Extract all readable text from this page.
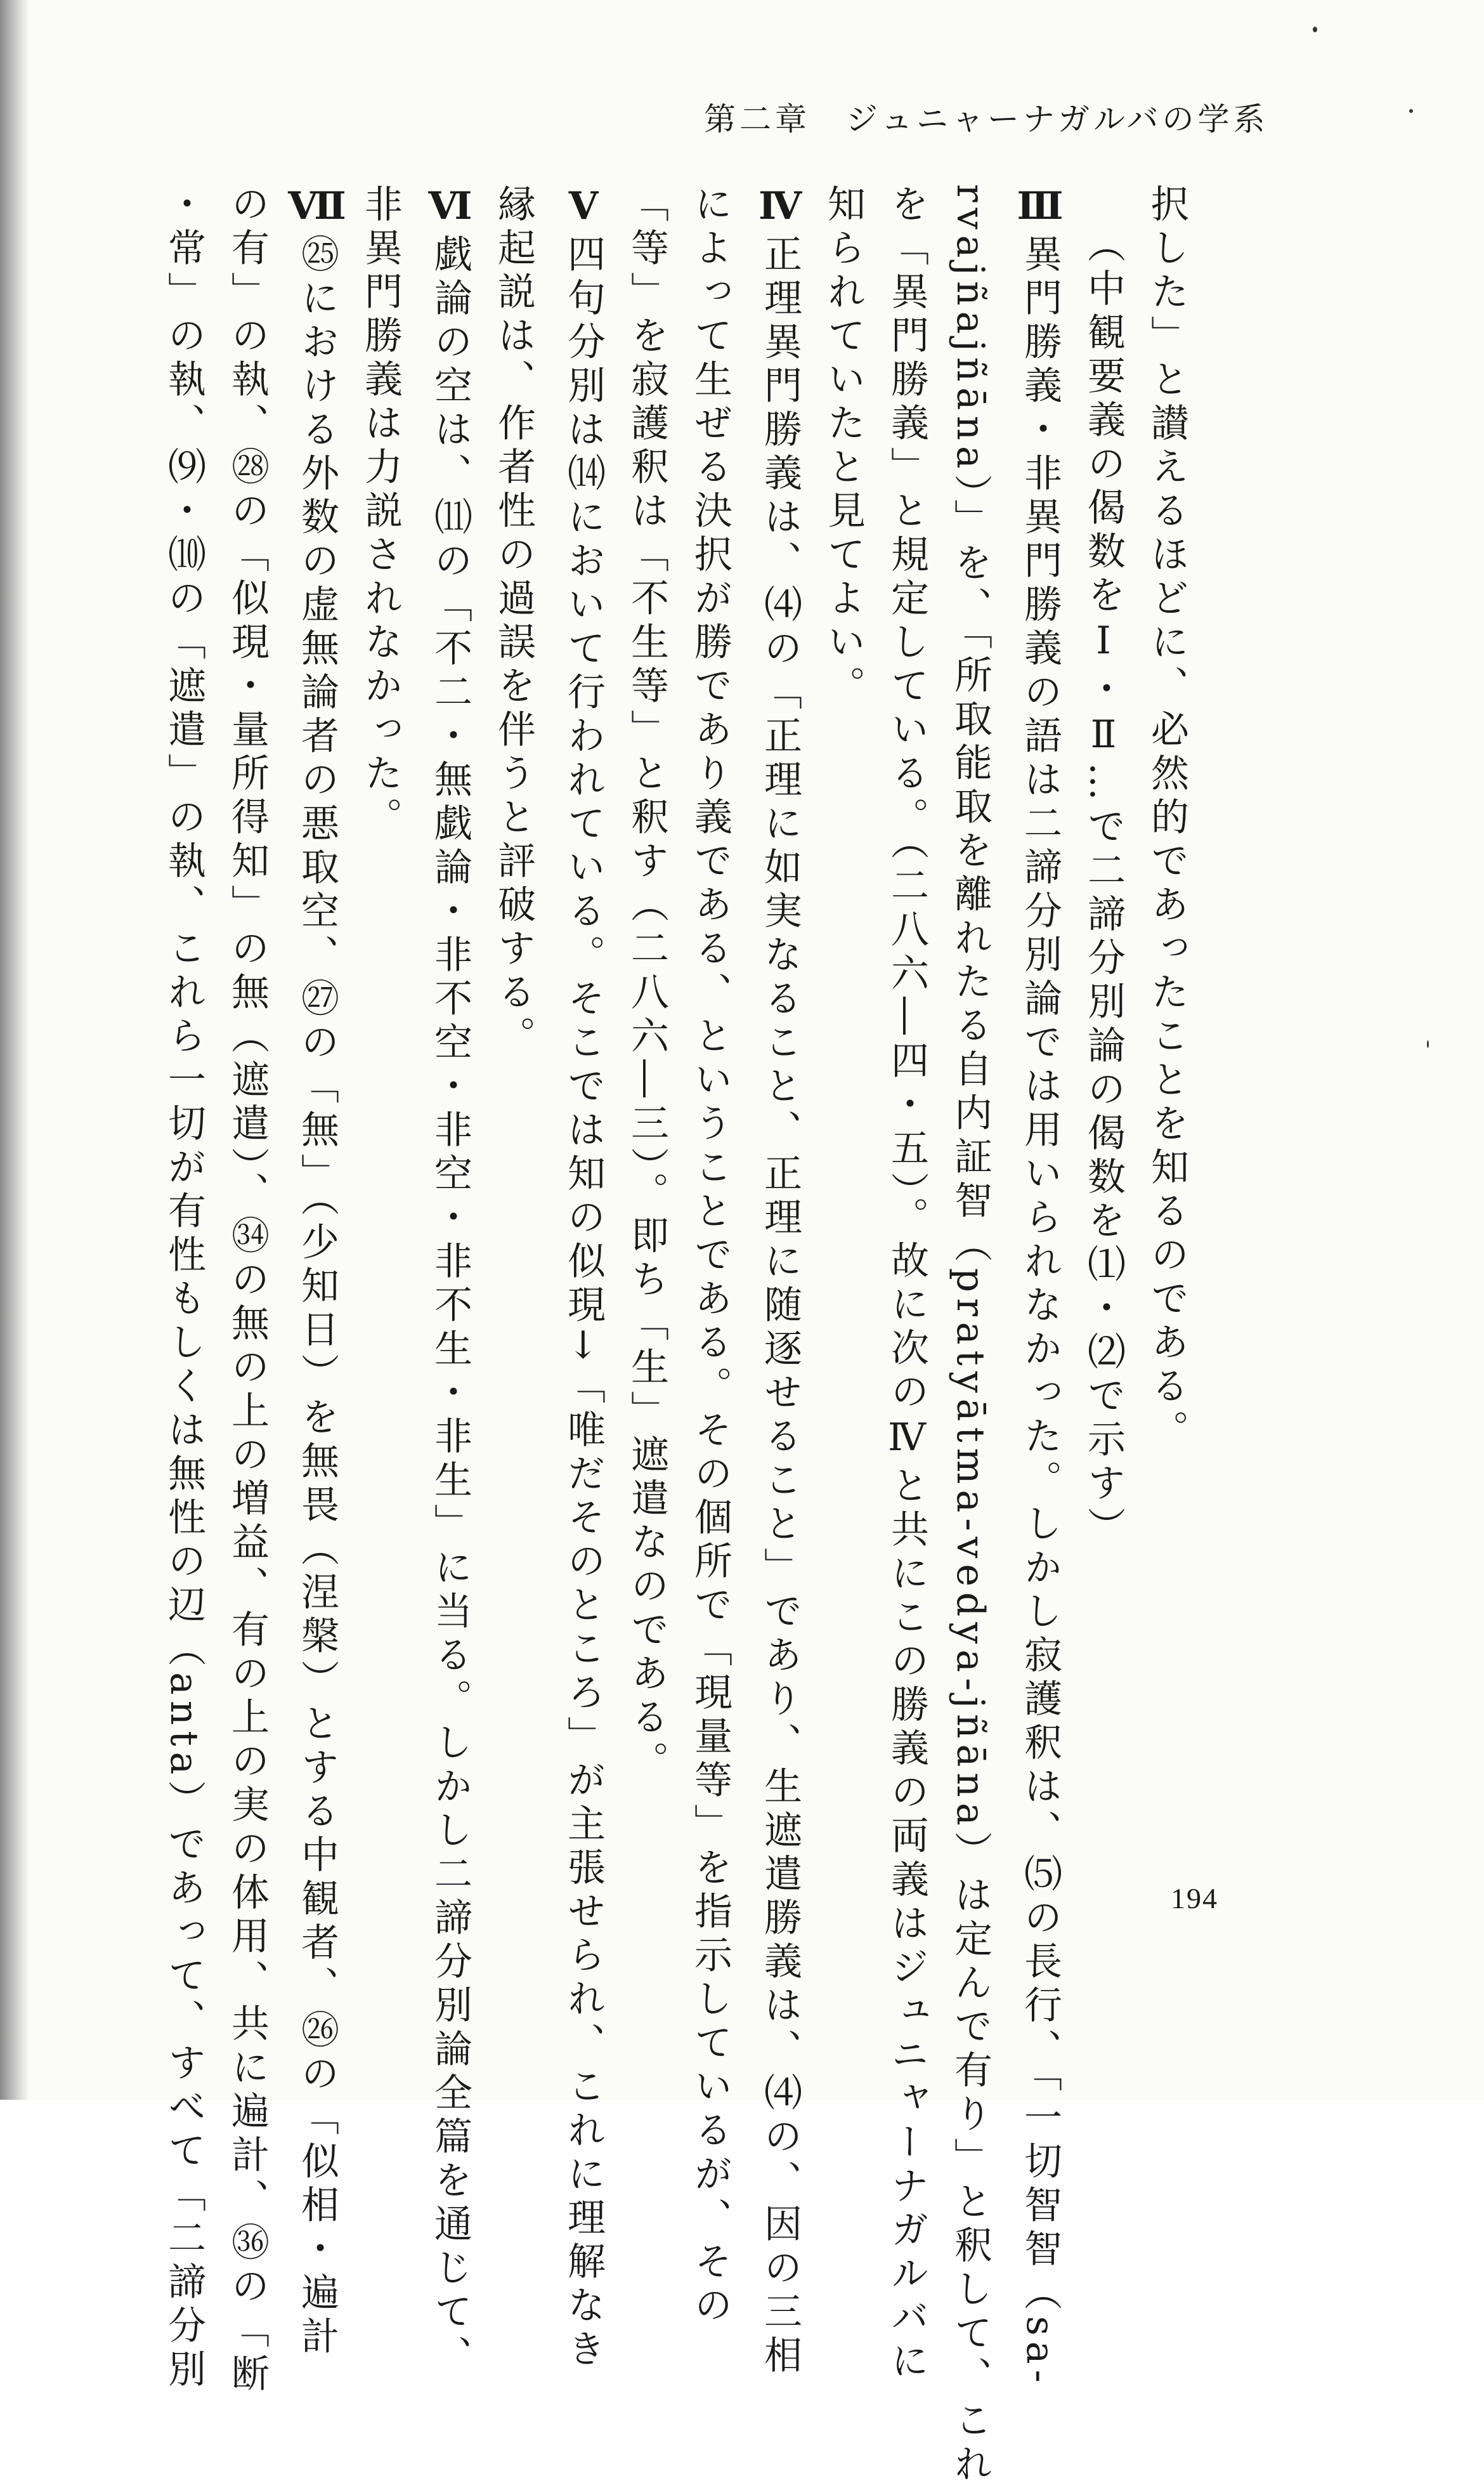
第二章　ジュニャーナガルバの学系
択した」と讃えるほどに、必然的であったことを知るのである。
（中観要義の偈数をⅠ・Ⅱ…で二諦分別論の偈数を⑴・⑵で示す）
Ⅲ異門勝義・非異門勝義の語は二諦分別論では用いられなかった。しかし寂護釈は、⑸の長行、「一切智智（sa-
rvajñajñāna）」を、「所取能取を離れたる自内証智（pratyātma-vedya-jñāna）は定んで有り」と釈して、これ
を「異門勝義」と規定している。（二八六―四・五）。故に次のⅣと共にこの勝義の両義はジュニャーナガルバに
知られていたと見てよい。
Ⅳ正理異門勝義は、⑷の「正理に如実なること、正理に随逐せること」であり、生遮遣勝義は、⑷の、因の三相
によって生ぜる決択が勝であり義である、ということである。その個所で「現量等」を指示しているが、その
「等」を寂護釈は「不生等」と釈す（二八六―三）。即ち「生」遮遣なのである。
Ⅴ四句分別は⒁において行われている。そこでは知の似現→「唯だそのところ」が主張せられ、これに理解なき
縁起説は、作者性の過誤を伴うと評破する。
Ⅵ戯論の空は、⑾の「不二・無戯論・非不空・非空・非不生・非生」に当る。しかし二諦分別論全篇を通じて、
非異門勝義は力説されなかった。
Ⅶ㉕における外数の虚無論者の悪取空、㉗の「無」（少知日）を無畏（涅槃）とする中観者、㉖の「似相・遍計
の有」の執、㉘の「似現・量所得知」の無（遮遣）、㉞の無の上の増益、有の上の実の体用、共に遍計、㊱の「断
・常」の執、⑼・⑽の「遮遣」の執、これら一切が有性もしくは無性の辺（anta）であって、すべて「二諦分別	194
